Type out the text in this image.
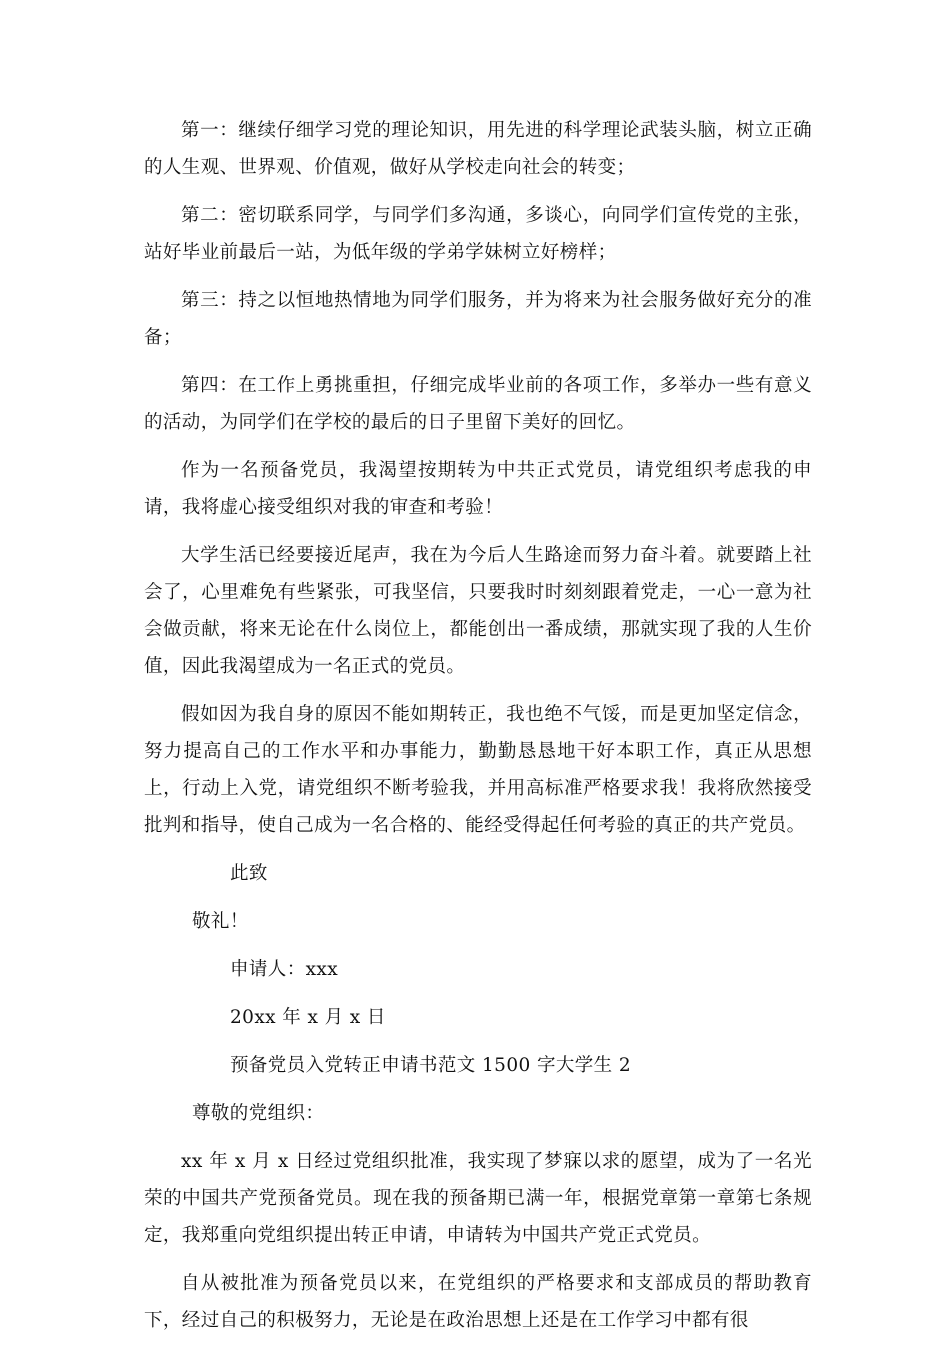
第一：继续仔细学习党的理论知识，用先进的科学理论武装头脑，树立正确的人生观、世界观、价值观，做好从学校走向社会的转变；

第二：密切联系同学，与同学们多沟通，多谈心，向同学们宣传党的主张，站好毕业前最后一站，为低年级的学弟学妹树立好榜样；

第三：持之以恒地热情地为同学们服务，并为将来为社会服务做好充分的准备；

第四：在工作上勇挑重担，仔细完成毕业前的各项工作，多举办一些有意义的活动，为同学们在学校的最后的日子里留下美好的回忆。

作为一名预备党员，我渴望按期转为中共正式党员，请党组织考虑我的申请，我将虚心接受组织对我的审查和考验！

大学生活已经要接近尾声，我在为今后人生路途而努力奋斗着。就要踏上社会了，心里难免有些紧张，可我坚信，只要我时时刻刻跟着党走，一心一意为社会做贡献，将来无论在什么岗位上，都能创出一番成绩，那就实现了我的人生价值，因此我渴望成为一名正式的党员。

假如因为我自身的原因不能如期转正，我也绝不气馁，而是更加坚定信念，努力提高自己的工作水平和办事能力，勤勤恳恳地干好本职工作，真正从思想上，行动上入党，请党组织不断考验我，并用高标准严格要求我！我将欣然接受批判和指导，使自己成为一名合格的、能经受得起任何考验的真正的共产党员。

此致
敬礼！
申请人：xxx
20xx 年 x 月 x 日
预备党员入党转正申请书范文 1500 字大学生 2
尊敬的党组织：

xx 年 x 月 x 日经过党组织批准，我实现了梦寐以求的愿望，成为了一名光荣的中国共产党预备党员。现在我的预备期已满一年，根据党章第一章第七条规定，我郑重向党组织提出转正申请，申请转为中国共产党正式党员。

自从被批准为预备党员以来，在党组织的严格要求和支部成员的帮助教育下，经过自己的积极努力，无论是在政治思想上还是在工作学习中都有很
